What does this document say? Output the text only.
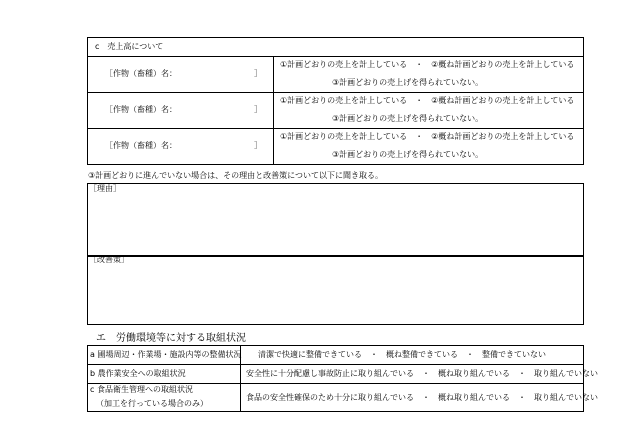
c　売上高について
［作物（畜種）名：	］
①計画どおりの売上を計上している　・　②概ね計画どおりの売上を計上している
③計画どおりの売上げを得られていない。
［作物（畜種）名：	］
①計画どおりの売上を計上している　・　②概ね計画どおりの売上を計上している
③計画どおりの売上げを得られていない。
［作物（畜種）名：	］
①計画どおりの売上を計上している　・　②概ね計画どおりの売上を計上している
③計画どおりの売上げを得られていない。
③計画どおりに進んでいない場合は、その理由と改善策について以下に聞き取る。
［理由］
［改善策］
エ　労働環境等に対する取組状況
a 圃場周辺・作業場・施設内等の整備状況 清潔で快適に整備できている　・　概ね整備できている　・　整備できていない
b 農作業安全への取組状況	安全性に十分配慮し事故防止に取り組んでいる　・　概ね取り組んでいる　・　取り組んでいない
c 食品衛生管理への取組状況
（加工を行っている場合のみ）
食品の安全性確保のため十分に取り組んでいる　・　概ね取り組んでいる　・　取り組んでいない
